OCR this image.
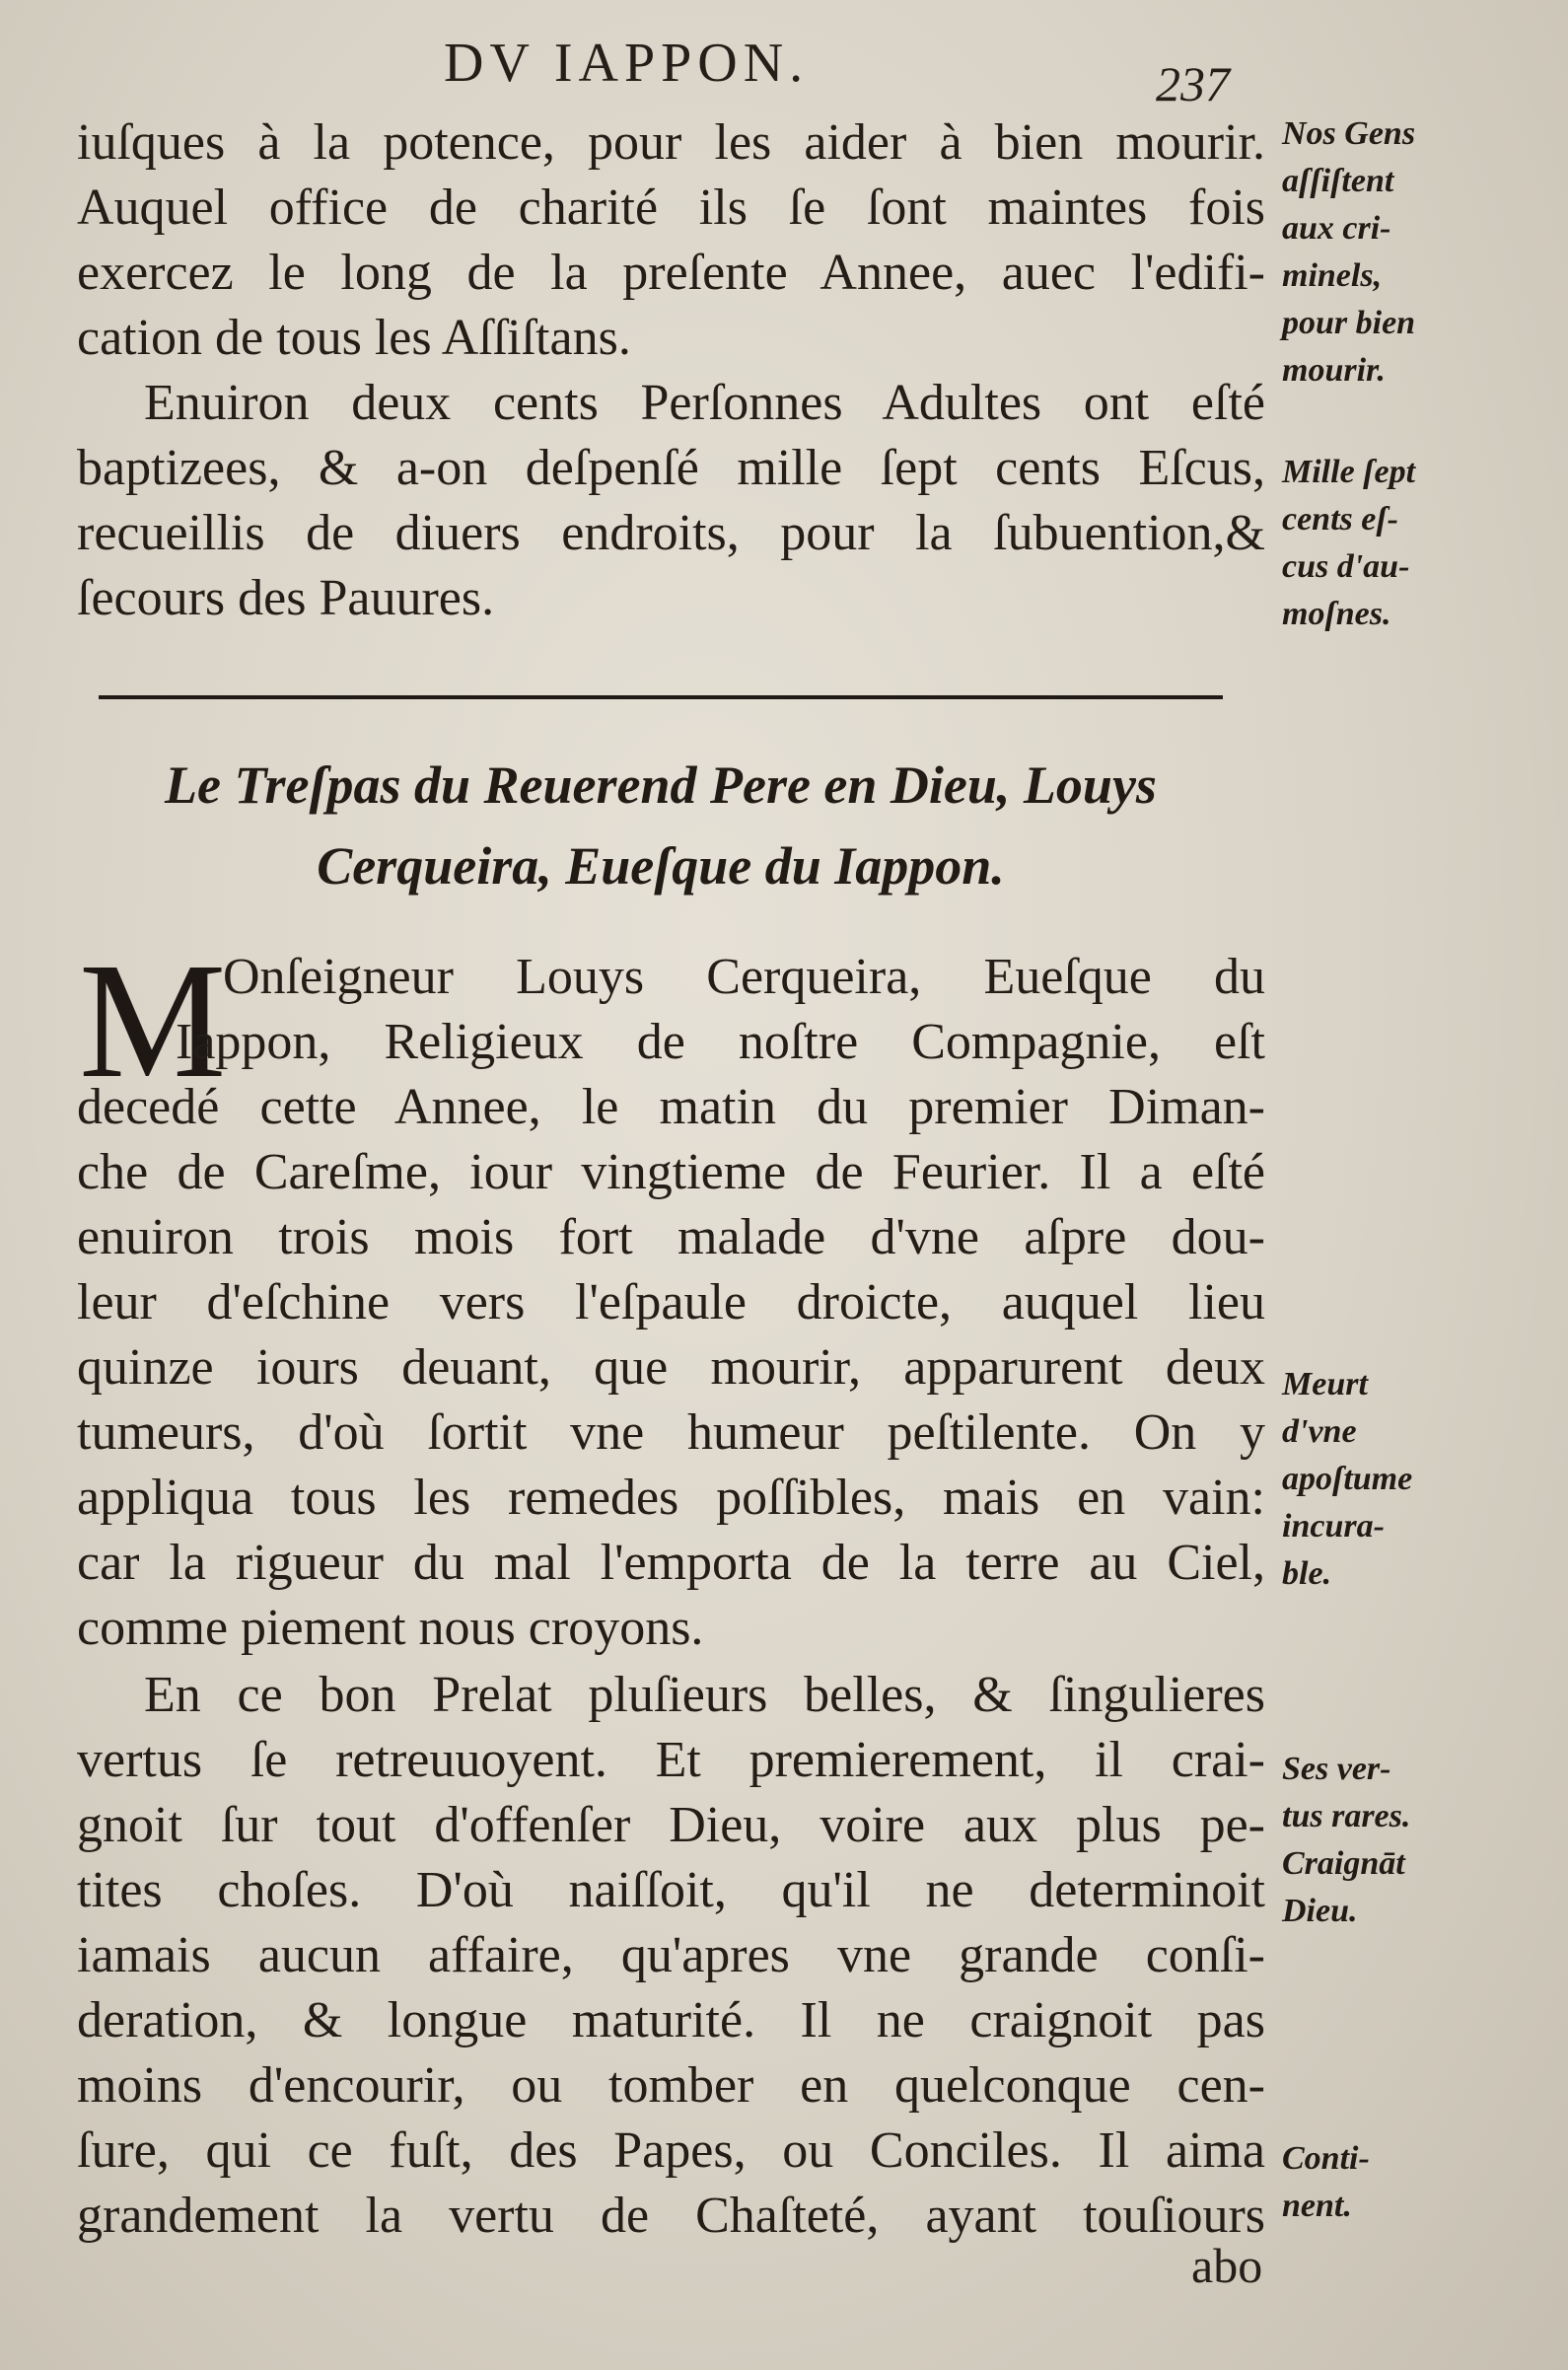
DV IAPPON.	237
iuſques à la potence, pour les aider à bien mourir.
Auquel office de charité ils ſe ſont maintes fois
exercez le long de la preſente Annee, auec l'edifi-
cation de tous les Aſſiſtans.
Enuiron deux cents Perſonnes Adultes ont eſté
baptizees, & a-on deſpenſé mille ſept cents Eſcus,
recueillis de diuers endroits, pour la ſubuention,&
ſecours des Pauures.
Le Treſpas du Reuerend Pere en Dieu, Louys
Cerqueira, Eueſque du Iappon.
M
Onſeigneur Louys Cerqueira, Eueſque du
Iappon, Religieux de noſtre Compagnie, eſt
decedé cette Annee, le matin du premier Diman-
che de Careſme, iour vingtieme de Feurier. Il a eſté
enuiron trois mois fort malade d'vne aſpre dou-
leur d'eſchine vers l'eſpaule droicte, auquel lieu
quinze iours deuant, que mourir, apparurent deux
tumeurs, d'où ſortit vne humeur peſtilente. On y
appliqua tous les remedes poſſibles, mais en vain:
car la rigueur du mal l'emporta de la terre au Ciel,
comme piement nous croyons.
En ce bon Prelat pluſieurs belles, & ſingulieres
vertus ſe retreuuoyent. Et premierement, il crai-
gnoit ſur tout d'offenſer Dieu, voire aux plus pe-
tites choſes. D'où naiſſoit, qu'il ne determinoit
iamais aucun affaire, qu'apres vne grande conſi-
deration, & longue maturité. Il ne craignoit pas
moins d'encourir, ou tomber en quelconque cen-
ſure, qui ce fuſt, des Papes, ou Conciles. Il aima
grandement la vertu de Chaſteté, ayant touſiours
abo
Nos Gens
aſſiſtent
aux cri-
minels,
pour bien
mourir.
Mille ſept
cents eſ-
cus d'au-
moſnes.
Meurt
d'vne
apoſtume
incura-
ble.
Ses ver-
tus rares.
Craignāt
Dieu.
Conti-
nent.
